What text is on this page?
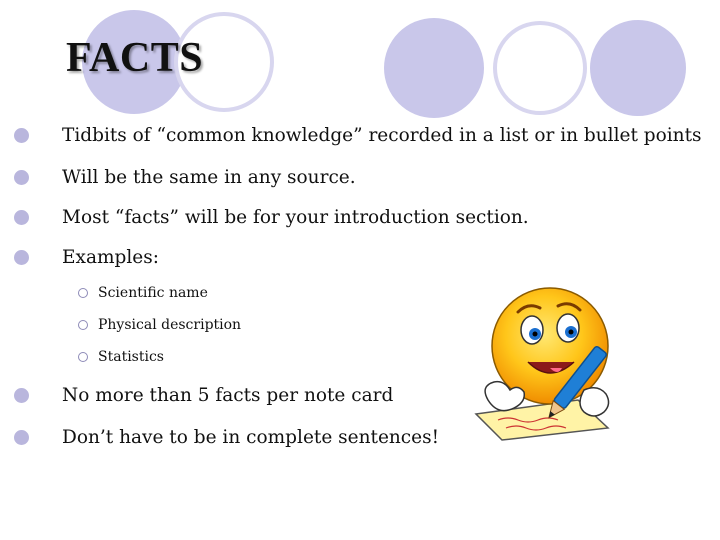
FACTS
Tidbits of “common knowledge” recorded in a list or in bullet points
Will be the same in any source.
Most “facts” will be for your introduction section.
Examples:
Scientific name
Physical description
Statistics
No more than 5 facts per note card
Don’t have to be in complete sentences!
